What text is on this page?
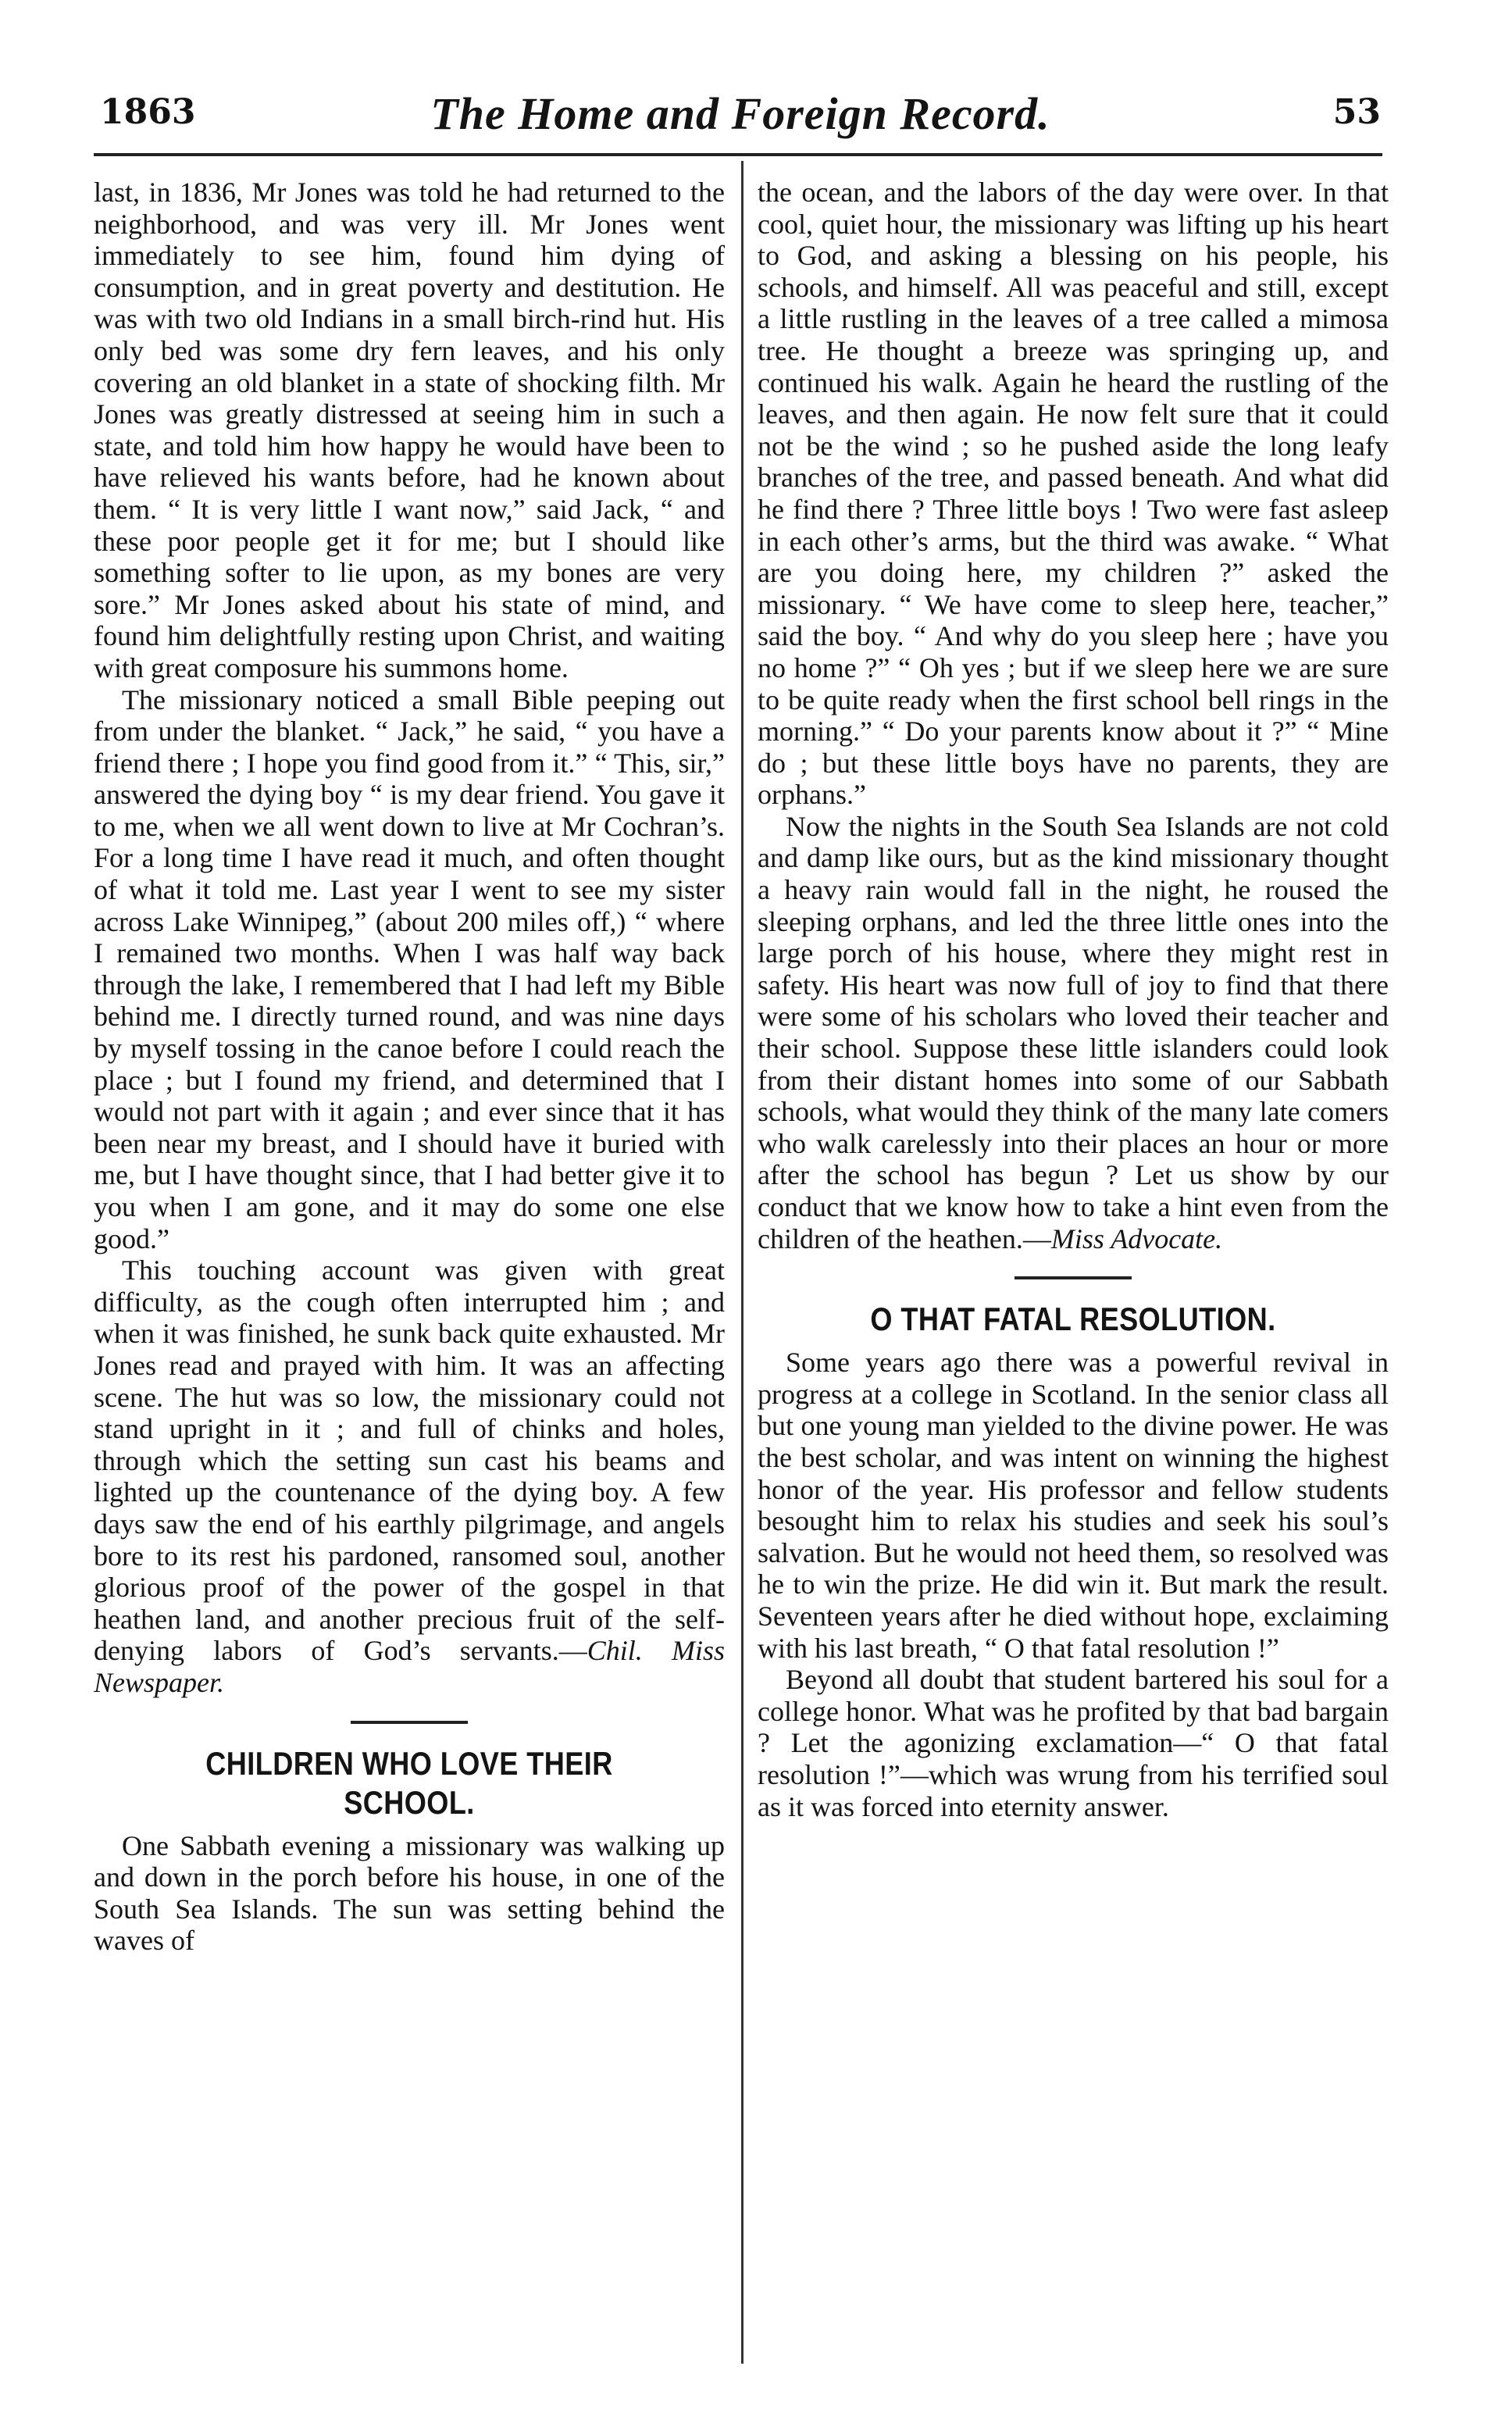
1863	The Home and Foreign Record.	53

last, in 1836, Mr Jones was told he had returned to the neighborhood, and was very ill. Mr Jones went immediately to see him, found him dying of consumption, and in great poverty and destitution. He was with two old Indians in a small birch-rind hut. His only bed was some dry fern leaves, and his only covering an old blanket in a state of shocking filth. Mr Jones was greatly distressed at seeing him in such a state, and told him how happy he would have been to have relieved his wants before, had he known about them. “ It is very little I want now,” said Jack, “ and these poor people get it for me; but I should like something softer to lie upon, as my bones are very sore.” Mr Jones asked about his state of mind, and found him delightfully resting upon Christ, and waiting with great composure his summons home.

The missionary noticed a small Bible peeping out from under the blanket. “ Jack,” he said, “ you have a friend there ; I hope you find good from it.” “ This, sir,” answered the dying boy “ is my dear friend. You gave it to me, when we all went down to live at Mr Cochran’s. For a long time I have read it much, and often thought of what it told me. Last year I went to see my sister across Lake Winnipeg,” (about 200 miles off,) “ where I remained two months. When I was half way back through the lake, I remembered that I had left my Bible behind me. I directly turned round, and was nine days by myself tossing in the canoe before I could reach the place ; but I found my friend, and determined that I would not part with it again ; and ever since that it has been near my breast, and I should have it buried with me, but I have thought since, that I had better give it to you when I am gone, and it may do some one else good.”

This touching account was given with great difficulty, as the cough often interrupted him ; and when it was finished, he sunk back quite exhausted. Mr Jones read and prayed with him. It was an affecting scene. The hut was so low, the missionary could not stand upright in it ; and full of chinks and holes, through which the setting sun cast his beams and lighted up the countenance of the dying boy. A few days saw the end of his earthly pilgrimage, and angels bore to its rest his pardoned, ransomed soul, another glorious proof of the power of the gospel in that heathen land, and another precious fruit of the self-denying labors of God’s servants.—Chil. Miss Newspaper.

CHILDREN WHO LOVE THEIR SCHOOL.

One Sabbath evening a missionary was walking up and down in the porch before his house, in one of the South Sea Islands. The sun was setting behind the waves of

the ocean, and the labors of the day were over. In that cool, quiet hour, the missionary was lifting up his heart to God, and asking a blessing on his people, his schools, and himself. All was peaceful and still, except a little rustling in the leaves of a tree called a mimosa tree. He thought a breeze was springing up, and continued his walk. Again he heard the rustling of the leaves, and then again. He now felt sure that it could not be the wind ; so he pushed aside the long leafy branches of the tree, and passed beneath. And what did he find there ? Three little boys ! Two were fast asleep in each other’s arms, but the third was awake. “ What are you doing here, my children ?” asked the missionary. “ We have come to sleep here, teacher,” said the boy. “ And why do you sleep here ; have you no home ?” “ Oh yes ; but if we sleep here we are sure to be quite ready when the first school bell rings in the morning.” “ Do your parents know about it ?” “ Mine do ; but these little boys have no parents, they are orphans.”

Now the nights in the South Sea Islands are not cold and damp like ours, but as the kind missionary thought a heavy rain would fall in the night, he roused the sleeping orphans, and led the three little ones into the large porch of his house, where they might rest in safety. His heart was now full of joy to find that there were some of his scholars who loved their teacher and their school. Suppose these little islanders could look from their distant homes into some of our Sabbath schools, what would they think of the many late comers who walk carelessly into their places an hour or more after the school has begun ? Let us show by our conduct that we know how to take a hint even from the children of the heathen.—Miss Advocate.

O THAT FATAL RESOLUTION.

Some years ago there was a powerful revival in progress at a college in Scotland. In the senior class all but one young man yielded to the divine power. He was the best scholar, and was intent on winning the highest honor of the year. His professor and fellow students besought him to relax his studies and seek his soul’s salvation. But he would not heed them, so resolved was he to win the prize. He did win it. But mark the result. Seventeen years after he died without hope, exclaiming with his last breath, “ O that fatal resolution !”

Beyond all doubt that student bartered his soul for a college honor. What was he profited by that bad bargain ? Let the agonizing exclamation—“ O that fatal resolution !”—which was wrung from his terrified soul as it was forced into eternity answer.
